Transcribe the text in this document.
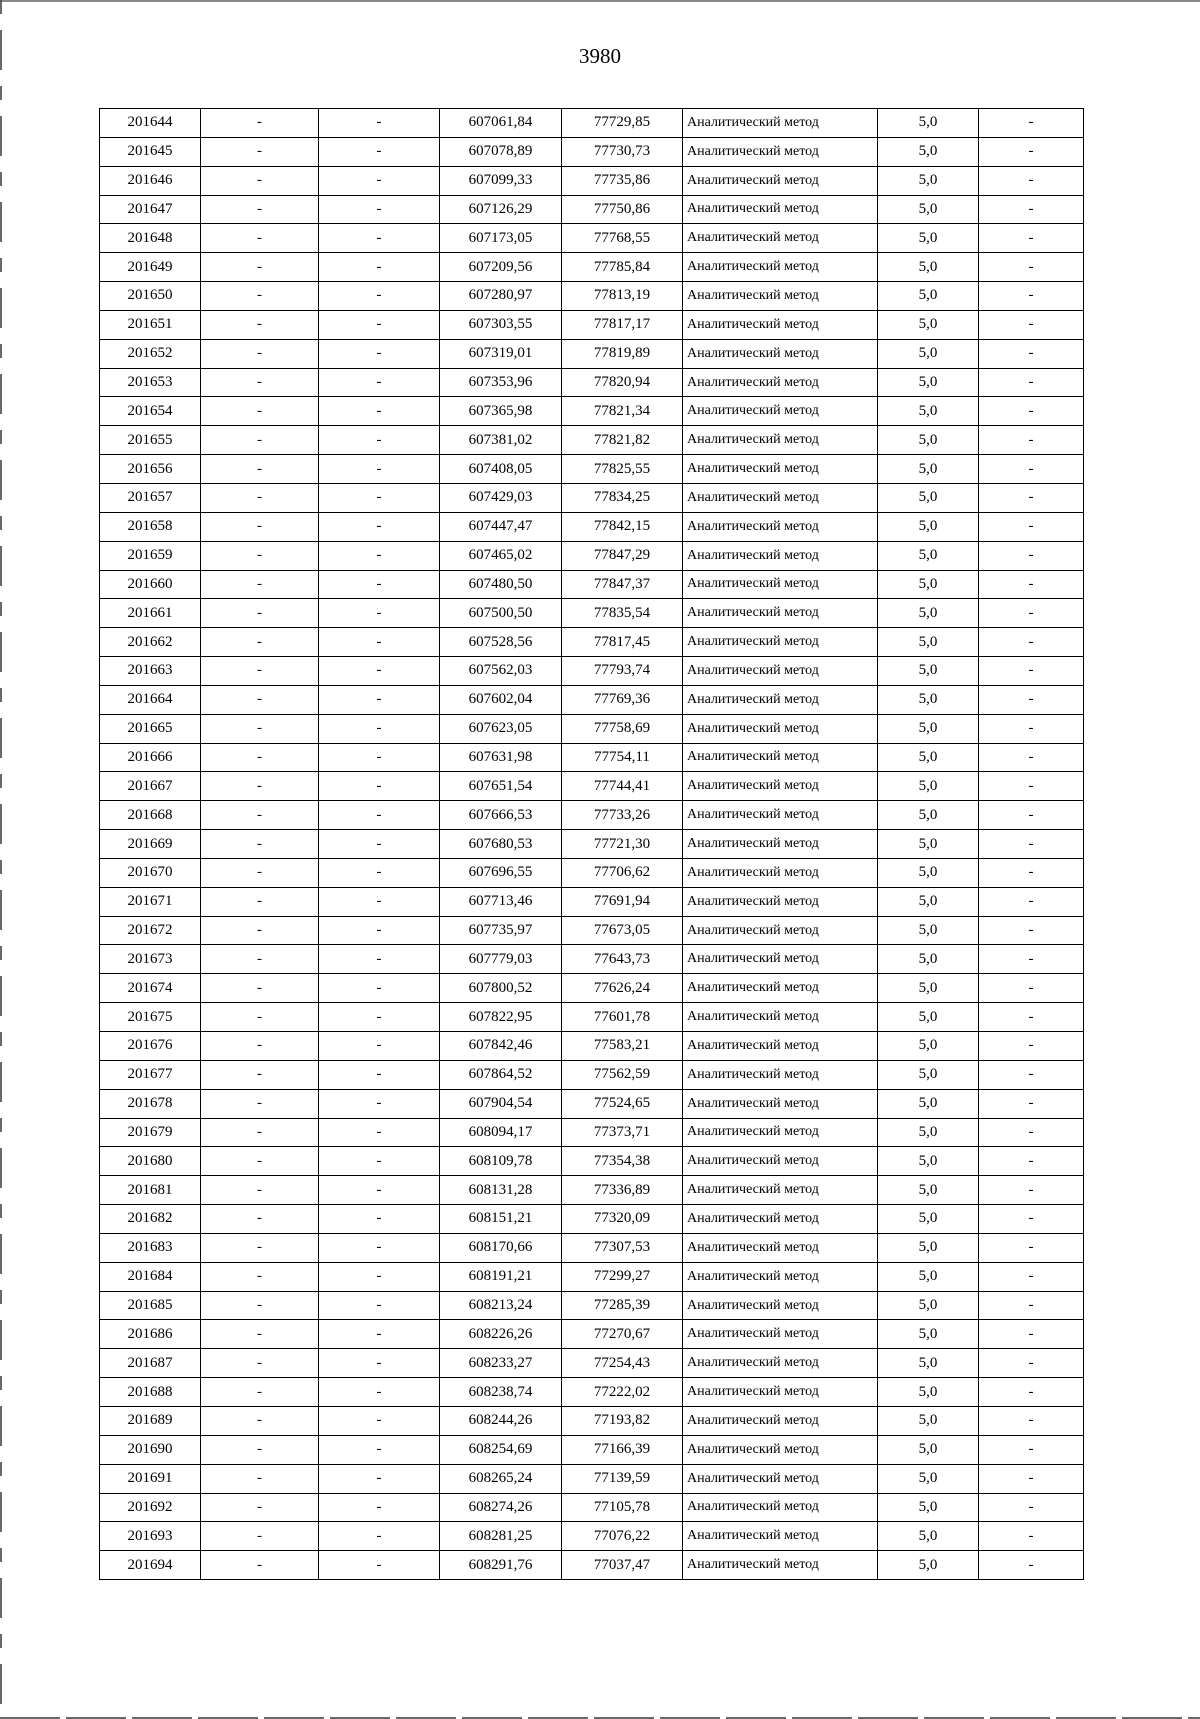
3980
201644	-	-	607061,84	77729,85	Аналитический метод	5,0	-
201645	-	-	607078,89	77730,73	Аналитический метод	5,0	-
201646	-	-	607099,33	77735,86	Аналитический метод	5,0	-
201647	-	-	607126,29	77750,86	Аналитический метод	5,0	-
201648	-	-	607173,05	77768,55	Аналитический метод	5,0	-
201649	-	-	607209,56	77785,84	Аналитический метод	5,0	-
201650	-	-	607280,97	77813,19	Аналитический метод	5,0	-
201651	-	-	607303,55	77817,17	Аналитический метод	5,0	-
201652	-	-	607319,01	77819,89	Аналитический метод	5,0	-
201653	-	-	607353,96	77820,94	Аналитический метод	5,0	-
201654	-	-	607365,98	77821,34	Аналитический метод	5,0	-
201655	-	-	607381,02	77821,82	Аналитический метод	5,0	-
201656	-	-	607408,05	77825,55	Аналитический метод	5,0	-
201657	-	-	607429,03	77834,25	Аналитический метод	5,0	-
201658	-	-	607447,47	77842,15	Аналитический метод	5,0	-
201659	-	-	607465,02	77847,29	Аналитический метод	5,0	-
201660	-	-	607480,50	77847,37	Аналитический метод	5,0	-
201661	-	-	607500,50	77835,54	Аналитический метод	5,0	-
201662	-	-	607528,56	77817,45	Аналитический метод	5,0	-
201663	-	-	607562,03	77793,74	Аналитический метод	5,0	-
201664	-	-	607602,04	77769,36	Аналитический метод	5,0	-
201665	-	-	607623,05	77758,69	Аналитический метод	5,0	-
201666	-	-	607631,98	77754,11	Аналитический метод	5,0	-
201667	-	-	607651,54	77744,41	Аналитический метод	5,0	-
201668	-	-	607666,53	77733,26	Аналитический метод	5,0	-
201669	-	-	607680,53	77721,30	Аналитический метод	5,0	-
201670	-	-	607696,55	77706,62	Аналитический метод	5,0	-
201671	-	-	607713,46	77691,94	Аналитический метод	5,0	-
201672	-	-	607735,97	77673,05	Аналитический метод	5,0	-
201673	-	-	607779,03	77643,73	Аналитический метод	5,0	-
201674	-	-	607800,52	77626,24	Аналитический метод	5,0	-
201675	-	-	607822,95	77601,78	Аналитический метод	5,0	-
201676	-	-	607842,46	77583,21	Аналитический метод	5,0	-
201677	-	-	607864,52	77562,59	Аналитический метод	5,0	-
201678	-	-	607904,54	77524,65	Аналитический метод	5,0	-
201679	-	-	608094,17	77373,71	Аналитический метод	5,0	-
201680	-	-	608109,78	77354,38	Аналитический метод	5,0	-
201681	-	-	608131,28	77336,89	Аналитический метод	5,0	-
201682	-	-	608151,21	77320,09	Аналитический метод	5,0	-
201683	-	-	608170,66	77307,53	Аналитический метод	5,0	-
201684	-	-	608191,21	77299,27	Аналитический метод	5,0	-
201685	-	-	608213,24	77285,39	Аналитический метод	5,0	-
201686	-	-	608226,26	77270,67	Аналитический метод	5,0	-
201687	-	-	608233,27	77254,43	Аналитический метод	5,0	-
201688	-	-	608238,74	77222,02	Аналитический метод	5,0	-
201689	-	-	608244,26	77193,82	Аналитический метод	5,0	-
201690	-	-	608254,69	77166,39	Аналитический метод	5,0	-
201691	-	-	608265,24	77139,59	Аналитический метод	5,0	-
201692	-	-	608274,26	77105,78	Аналитический метод	5,0	-
201693	-	-	608281,25	77076,22	Аналитический метод	5,0	-
201694	-	-	608291,76	77037,47	Аналитический метод	5,0	-
